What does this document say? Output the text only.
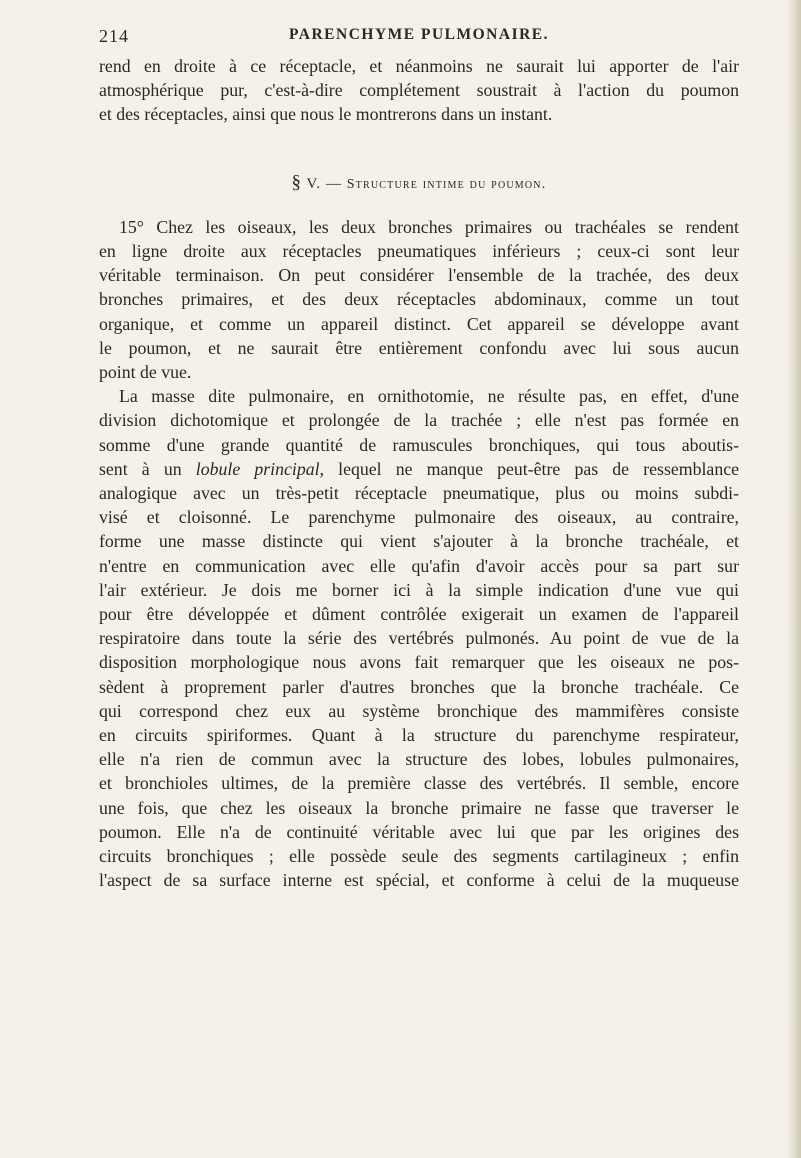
214	PARENCHYME PULMONAIRE.
rend en droite à ce réceptacle, et néanmoins ne saurait lui apporter de l'air
atmosphérique pur, c'est-à-dire complétement soustrait à l'action du poumon
et des réceptacles, ainsi que nous le montrerons dans un instant.
§ V. — Structure intime du poumon.
15° Chez les oiseaux, les deux bronches primaires ou trachéales se rendent
en ligne droite aux réceptacles pneumatiques inférieurs ; ceux-ci sont leur
véritable terminaison. On peut considérer l'ensemble de la trachée, des deux
bronches primaires, et des deux réceptacles abdominaux, comme un tout
organique, et comme un appareil distinct. Cet appareil se développe avant
le poumon, et ne saurait être entièrement confondu avec lui sous aucun
point de vue.
La masse dite pulmonaire, en ornithotomie, ne résulte pas, en effet, d'une
division dichotomique et prolongée de la trachée ; elle n'est pas formée en
somme d'une grande quantité de ramuscules bronchiques, qui tous aboutis-
sent à un lobule principal, lequel ne manque peut-être pas de ressemblance
analogique avec un très-petit réceptacle pneumatique, plus ou moins subdi-
visé et cloisonné. Le parenchyme pulmonaire des oiseaux, au contraire,
forme une masse distincte qui vient s'ajouter à la bronche trachéale, et
n'entre en communication avec elle qu'afin d'avoir accès pour sa part sur
l'air extérieur. Je dois me borner ici à la simple indication d'une vue qui
pour être développée et dûment contrôlée exigerait un examen de l'appareil
respiratoire dans toute la série des vertébrés pulmonés. Au point de vue de la
disposition morphologique nous avons fait remarquer que les oiseaux ne pos-
sèdent à proprement parler d'autres bronches que la bronche trachéale. Ce
qui correspond chez eux au système bronchique des mammifères consiste
en circuits spiriformes. Quant à la structure du parenchyme respirateur,
elle n'a rien de commun avec la structure des lobes, lobules pulmonaires,
et bronchioles ultimes, de la première classe des vertébrés. Il semble, encore
une fois, que chez les oiseaux la bronche primaire ne fasse que traverser le
poumon. Elle n'a de continuité véritable avec lui que par les origines des
circuits bronchiques ; elle possède seule des segments cartilagineux ; enfin
l'aspect de sa surface interne est spécial, et conforme à celui de la muqueuse
